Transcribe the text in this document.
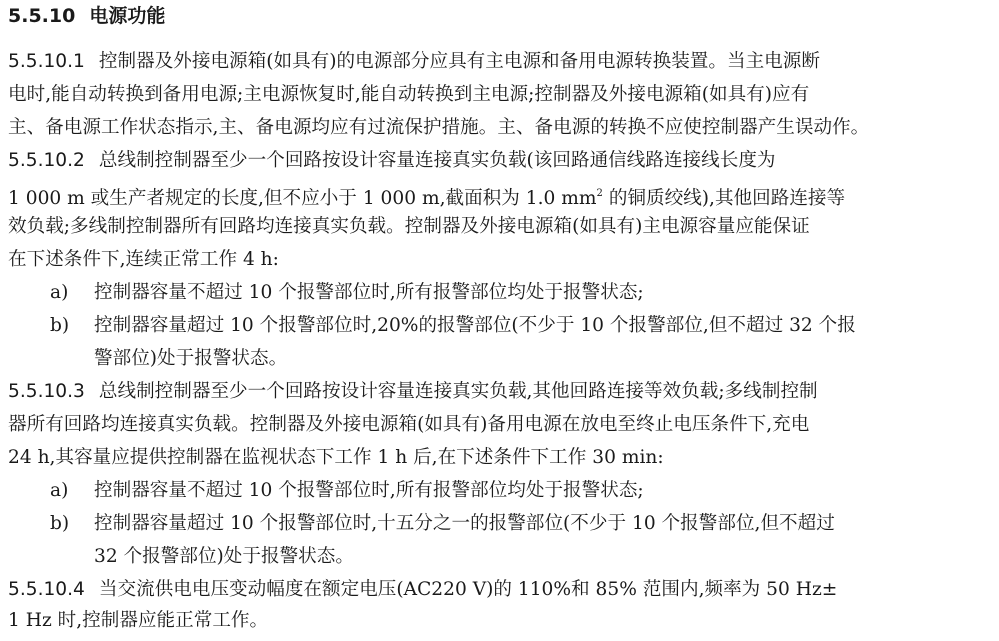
5.5.10 电源功能
5.5.10.1 控制器及外接电源箱(如具有)的电源部分应具有主电源和备用电源转换装置。当主电源断
电时,能自动转换到备用电源;主电源恢复时,能自动转换到主电源;控制器及外接电源箱(如具有)应有
主、备电源工作状态指示,主、备电源均应有过流保护措施。主、备电源的转换不应使控制器产生误动作。
5.5.10.2 总线制控制器至少一个回路按设计容量连接真实负载(该回路通信线路连接线长度为
1 000 m 或生产者规定的长度,但不应小于 1 000 m,截面积为 1.0 $mm^2$ 的铜质绞线),其他回路连接等
效负载;多线制控制器所有回路均连接真实负载。控制器及外接电源箱(如具有)主电源容量应能保证
在下述条件下,连续正常工作 4 h:
a) 控制器容量不超过 10 个报警部位时,所有报警部位均处于报警状态;
b) 控制器容量超过 10 个报警部位时,20%的报警部位(不少于 10 个报警部位,但不超过 32 个报
警部位)处于报警状态。
5.5.10.3 总线制控制器至少一个回路按设计容量连接真实负载,其他回路连接等效负载;多线制控制
器所有回路均连接真实负载。控制器及外接电源箱(如具有)备用电源在放电至终止电压条件下,充电
24 h,其容量应提供控制器在监视状态下工作 1 h 后,在下述条件下工作 30 min:
a) 控制器容量不超过 10 个报警部位时,所有报警部位均处于报警状态;
b) 控制器容量超过 10 个报警部位时,十五分之一的报警部位(不少于 10 个报警部位,但不超过
32 个报警部位)处于报警状态。
5.5.10.4 当交流供电电压变动幅度在额定电压(AC220 V)的 110%和 85% 范围内,频率为 50 Hz±
1 Hz 时,控制器应能正常工作。
